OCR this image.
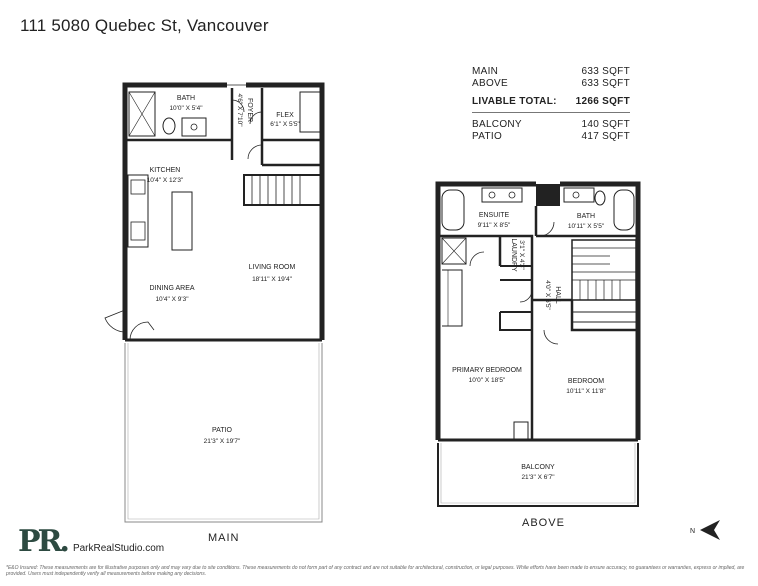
111 5080 Quebec St, Vancouver
MAIN	633 SQFT
ABOVE	633 SQFT
LIVABLE TOTAL: 1266 SQFT
BALCONY	140 SQFT
PATIO	417 SQFT
BATH
10'0" X 5'4"	FOYER
4'6" X 7'10"	FLEX
6'1" X 5'5"
KITCHEN
10'4" X 12'3"
LIVING ROOM
18'11" X 19'4"
DINING AREA
10'4" X 9'3"
PATIO
21'3" X 19'7"
ENSUITE
9'11" X 8'5"
BATH
10'11" X 5'5"
LAUNDRY 3'1" X 4'3"
HALL
4'0" X 6'5"
PRIMARY BEDROOM
10'0" X 18'5"	BEDROOM
10'11" X 11'8"
BALCONY
21'3" X 6'7"
MAIN
ABOVE
N
PR. ParkRealStudio.com
*E&O Insured: These measurements are for illustrative purposes only and may vary due to site conditions. These measurements do not form part of any contract and are not suitable for architectural, construction, or legal purposes. While efforts have been made to ensure accuracy, no guarantees or warranties, express or implied, are provided. Users must independently verify all measurements before making any decisions.
